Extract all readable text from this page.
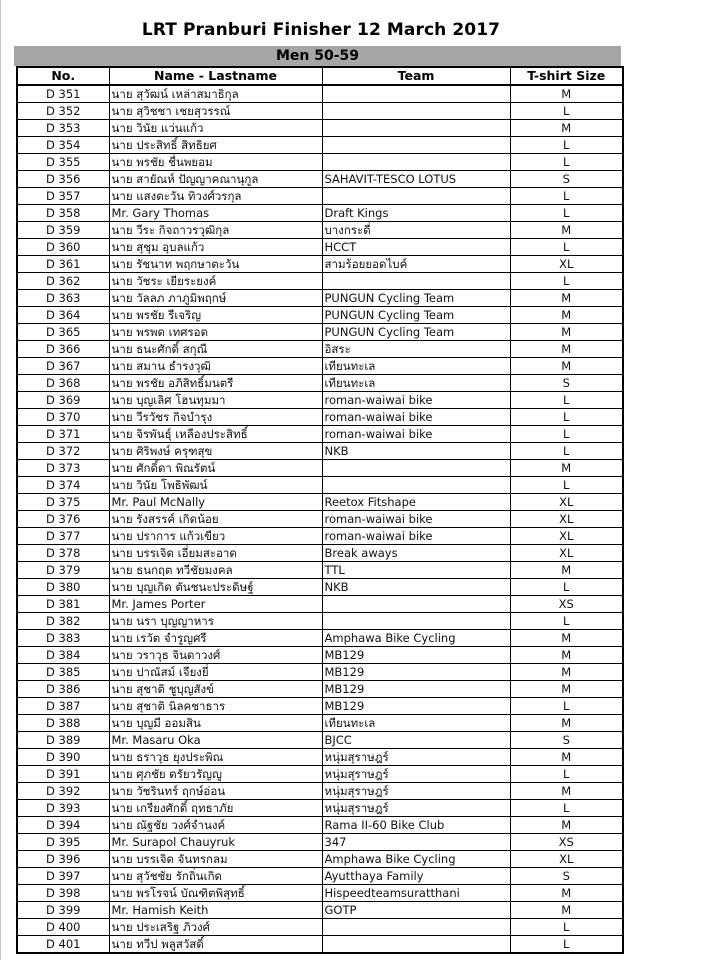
LRT Pranburi Finisher 12 March 2017
Men 50-59
No.	Name - Lastname	Team	T-shirt Size
D 351	นาย สุวัฒน์ เหล่าสมาธิกุล		M
D 352	นาย สุวิชชา เชยสุวรรณ์		L
D 353	นาย วินัย แว่นแก้ว		M
D 354	นาย ประสิทธิ์ สิทธิยศ		L
D 355	นาย พรชัย ชื่นพยอม		L
D 356	นาย สายัณห์ ปัญญาคณานุกูล	SAHAVIT-TESCO LOTUS	S
D 357	นาย แสงตะวัน ทิวงศ์วรกุล		L
D 358	Mr. Gary Thomas	Draft Kings	L
D 359	นาย วีระ กิจถาวรวุฒิกุล	บางกระดี่	M
D 360	นาย สุชุม อุบลแก้ว	HCCT	L
D 361	นาย รัชนาท พฤกษาตะวัน	สามร้อยยอดไบค์	XL
D 362	นาย วัชระ เยียระยงค์		L
D 363	นาย วัลลภ ภาภูมิพฤกษ์	PUNGUN Cycling Team	M
D 364	นาย พรชัย รีเจริญ	PUNGUN Cycling Team	M
D 365	นาย พรพด เทศรอด	PUNGUN Cycling Team	M
D 366	นาย ธนะศักดิ์ สกุณี	อิสระ	M
D 367	นาย สมาน ธำรงวุฒิ	เทียนทะเล	M
D 368	นาย พรชัย อภิสิทธิ์มนตรี	เทียนทะเล	S
D 369	นาย บุญเลิศ โฮนทุมมา	roman-waiwai bike	L
D 370	นาย วีรวัชร กิจบำรุง	roman-waiwai bike	L
D 371	นาย จิรพันธุ์ เหลืองประสิทธิ์	roman-waiwai bike	L
D 372	นาย ศิริพงษ์ ครุฑสุข	NKB	L
D 373	นาย ศักดิ์ดา พิณรัตน์		M
D 374	นาย วินัย โพธิพัฒน์		L
D 375	Mr. Paul McNally	Reetox Fitshape	XL
D 376	นาย รังสรรค์ เกิดน้อย	roman-waiwai bike	XL
D 377	นาย ปราการ แก้วเขียว	roman-waiwai bike	XL
D 378	นาย บรรเจิด เอี่ยมสะอาด	Break aways	XL
D 379	นาย ธนกฤต ทวีชัยมงคล	TTL	M
D 380	นาย บุญเกิด ตันชนะประดิษฐ์	NKB	L
D 381	Mr. James Porter		XS
D 382	นาย นรา บุญญาหาร		L
D 383	นาย เรวัต จำรูญศรี	Amphawa Bike Cycling	M
D 384	นาย วราวุธ จินดาวงศ์	MB129	M
D 385	นาย ปาณัสม์ เจียงยี่	MB129	M
D 386	นาย สุชาติ ชูบุญสังข์	MB129	M
D 387	นาย สุชาติ นิลคชาธาร	MB129	L
D 388	นาย บุญมี ออมสิน	เทียนทะเล	M
D 389	Mr. Masaru Oka	BJCC	S
D 390	นาย ธราวุธ ยุงประพิณ	หนุ่มสุราษฎร์	M
D 391	นาย ศุภชัย ดรัยวรัญญู	หนุ่มสุราษฎร์	L
D 392	นาย วัชรินทร์ ฤกษ์อ่อน	หนุ่มสุราษฎร์	M
D 393	นาย เกรียงศักดิ์ ฤทธาภัย	หนุ่มสุราษฎร์	L
D 394	นาย ณัฐชัย วงศ์จำนงค์	Rama II-60 Bike Club	M
D 395	Mr. Surapol Chauyruk	347	XS
D 396	นาย บรรเจิด จันทรกลม	Amphawa Bike Cycling	XL
D 397	นาย สุวัชชัย รักถิ่นเกิด	Ayutthaya Family	S
D 398	นาย พรโรจน์ บัณฑิตพิสุทธิ์	Hispeedteamsuratthani	M
D 399	Mr. Hamish Keith	GOTP	M
D 400	นาย ประเสริฐ ภิวงศ์		L
D 401	นาย ทวีป พลูสวัสดิ์		L
